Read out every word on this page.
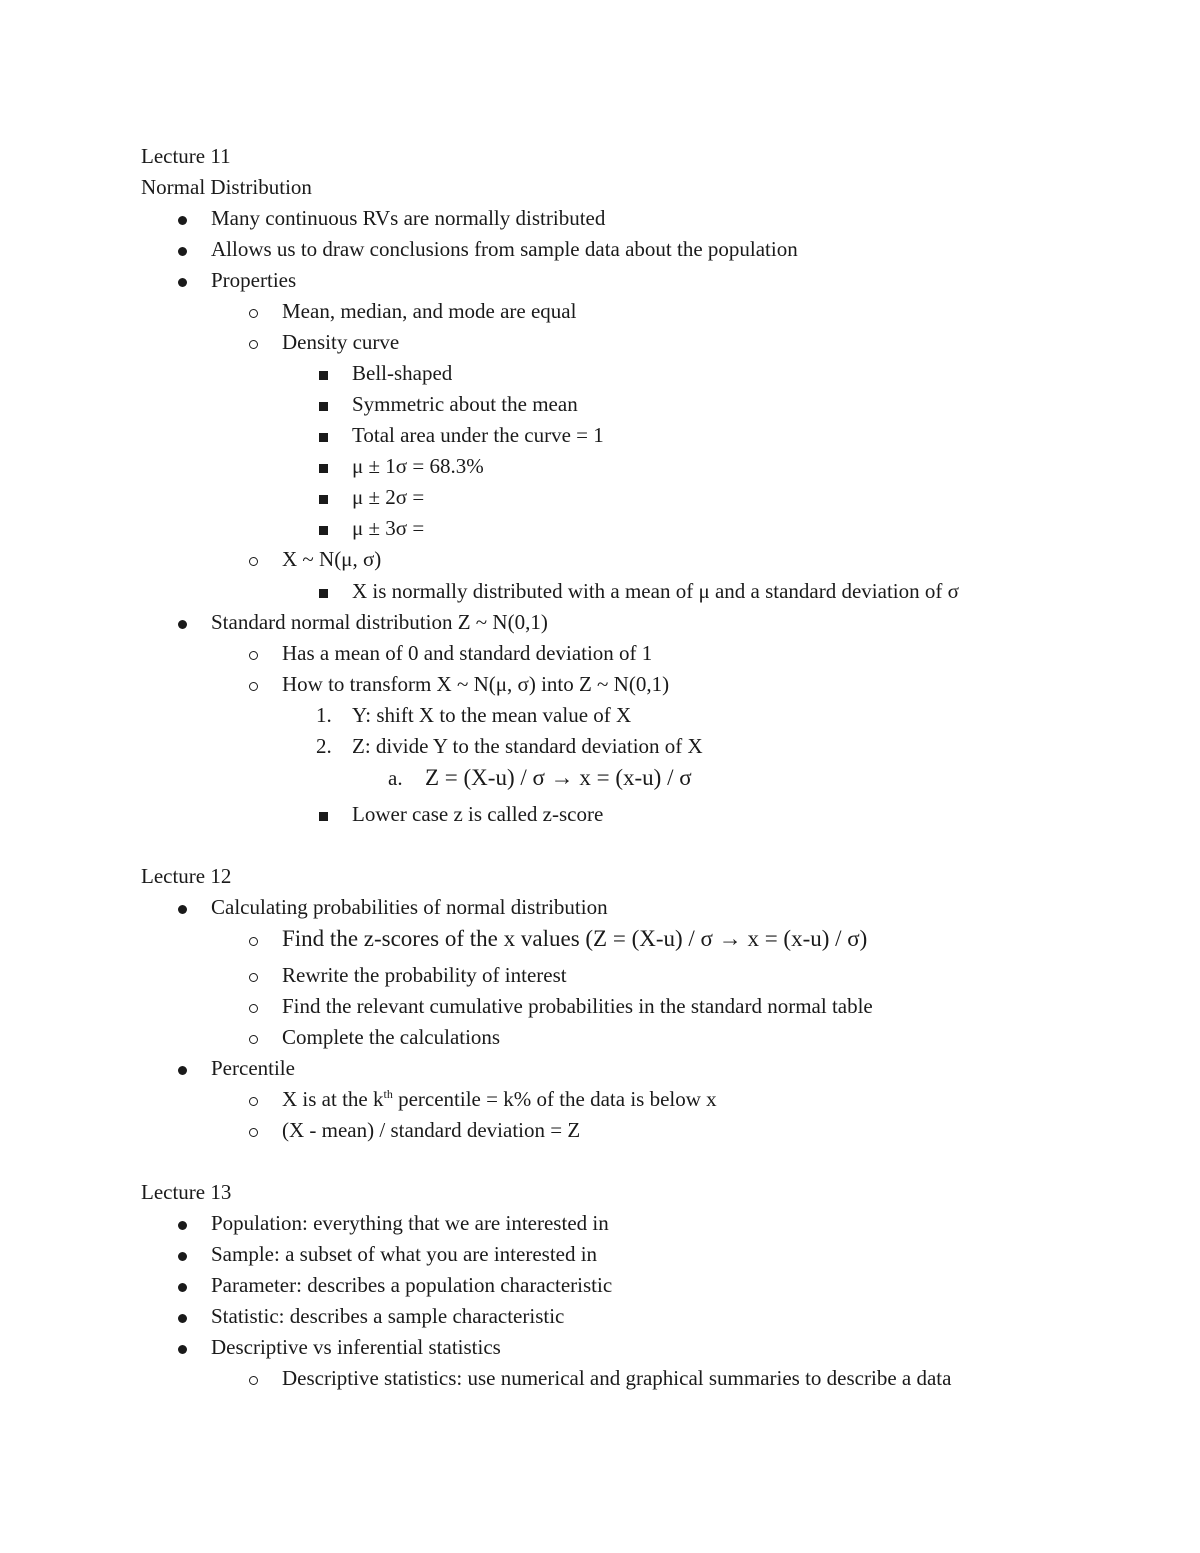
Lecture 11
Normal Distribution
Many continuous RVs are normally distributed
Allows us to draw conclusions from sample data about the population
Properties
Mean, median, and mode are equal
Density curve
Bell-shaped
Symmetric about the mean
Total area under the curve = 1
μ ± 1σ = 68.3%
μ ± 2σ =
μ ± 3σ =
X ~ N(μ, σ)
X is normally distributed with a mean of μ and a standard deviation of σ
Standard normal distribution Z ~ N(0,1)
Has a mean of 0 and standard deviation of 1
How to transform X ~ N(μ, σ) into Z ~ N(0,1)
1. Y: shift X to the mean value of X
2. Z: divide Y to the standard deviation of X
a. Z = (X-u) / σ → x = (x-u) / σ
Lower case z is called z-score
Lecture 12
Calculating probabilities of normal distribution
Find the z-scores of the x values (Z = (X-u) / σ → x = (x-u) / σ)
Rewrite the probability of interest
Find the relevant cumulative probabilities in the standard normal table
Complete the calculations
Percentile
X is at the $k^{th}$ percentile = k% of the data is below x
(X - mean) / standard deviation = Z
Lecture 13
Population: everything that we are interested in
Sample: a subset of what you are interested in
Parameter: describes a population characteristic
Statistic: describes a sample characteristic
Descriptive vs inferential statistics
Descriptive statistics: use numerical and graphical summaries to describe a data
